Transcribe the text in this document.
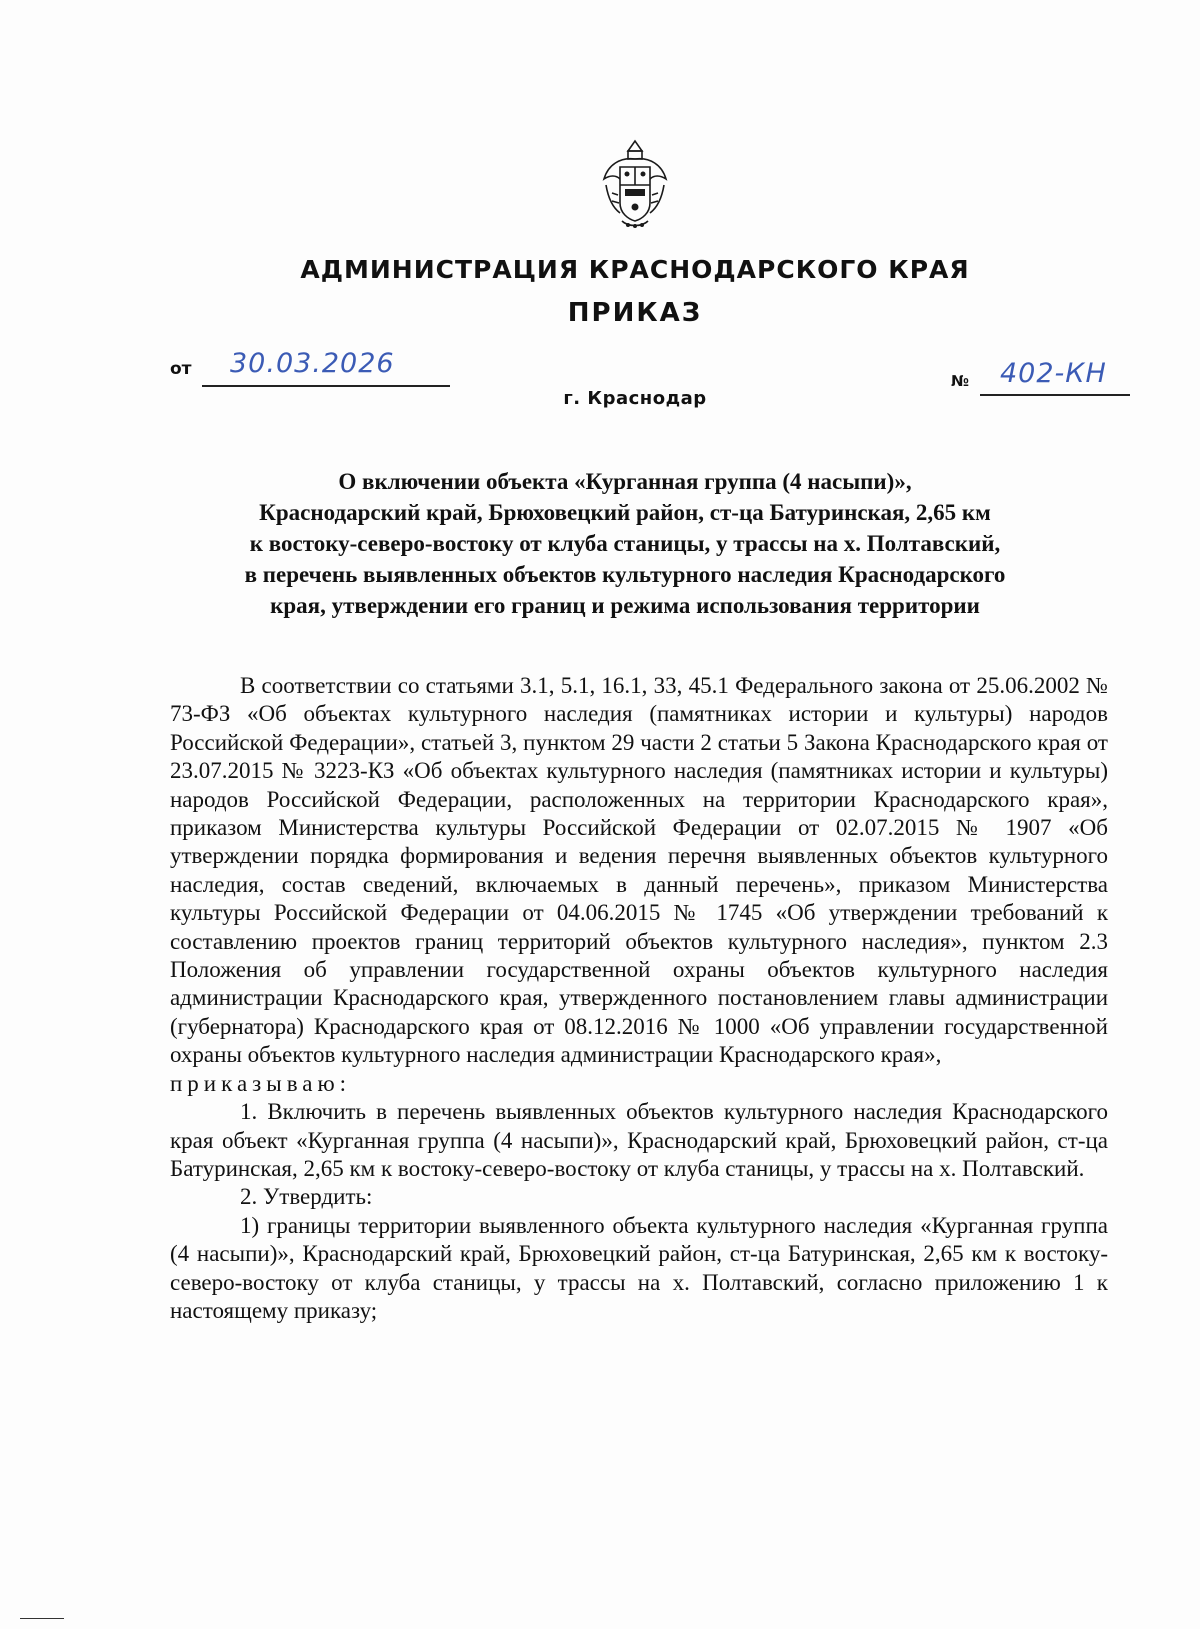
АДМИНИСТРАЦИЯ КРАСНОДАРСКОГО КРАЯ
ПРИКАЗ
от 30.03.2026
г. Краснодар
№ 402-КН
О включении объекта «Курганная группа (4 насыпи)»,
Краснодарский край, Брюховецкий район, ст-ца Батуринская, 2,65 км
к востоку-северо-востоку от клуба станицы, у трассы на х. Полтавский,
в перечень выявленных объектов культурного наследия Краснодарского
края, утверждении его границ и режима использования территории

В соответствии со статьями 3.1, 5.1, 16.1, 33, 45.1 Федерального закона от 25.06.2002 № 73-ФЗ «Об объектах культурного наследия (памятниках истории и культуры) народов Российской Федерации», статьей 3, пунктом 29 части 2 статьи 5 Закона Краснодарского края от 23.07.2015 № 3223-КЗ «Об объектах культурного наследия (памятниках истории и культуры) народов Российской Федерации, расположенных на территории Краснодарского края», приказом Министерства культуры Российской Федерации от 02.07.2015 № 1907 «Об утверждении порядка формирования и ведения перечня выявленных объектов культурного наследия, состав сведений, включаемых в данный перечень», приказом Министерства культуры Российской Федерации от 04.06.2015 № 1745 «Об утверждении требований к составлению проектов границ территорий объектов культурного наследия», пунктом 2.3 Положения об управлении государственной охраны объектов культурного наследия администрации Краснодарского края, утвержденного постановлением главы администрации (губернатора) Краснодарского края от 08.12.2016 № 1000 «Об управлении государственной охраны объектов культурного наследия администрации Краснодарского края»,

приказываю:

1. Включить в перечень выявленных объектов культурного наследия Краснодарского края объект «Курганная группа (4 насыпи)», Краснодарский край, Брюховецкий район, ст-ца Батуринская, 2,65 км к востоку-северо-востоку от клуба станицы, у трассы на х. Полтавский.

2. Утвердить:

1) границы территории выявленного объекта культурного наследия «Курганная группа (4 насыпи)», Краснодарский край, Брюховецкий район, ст-ца Батуринская, 2,65 км к востоку-северо-востоку от клуба станицы, у трассы на х. Полтавский, согласно приложению 1 к настоящему приказу;
